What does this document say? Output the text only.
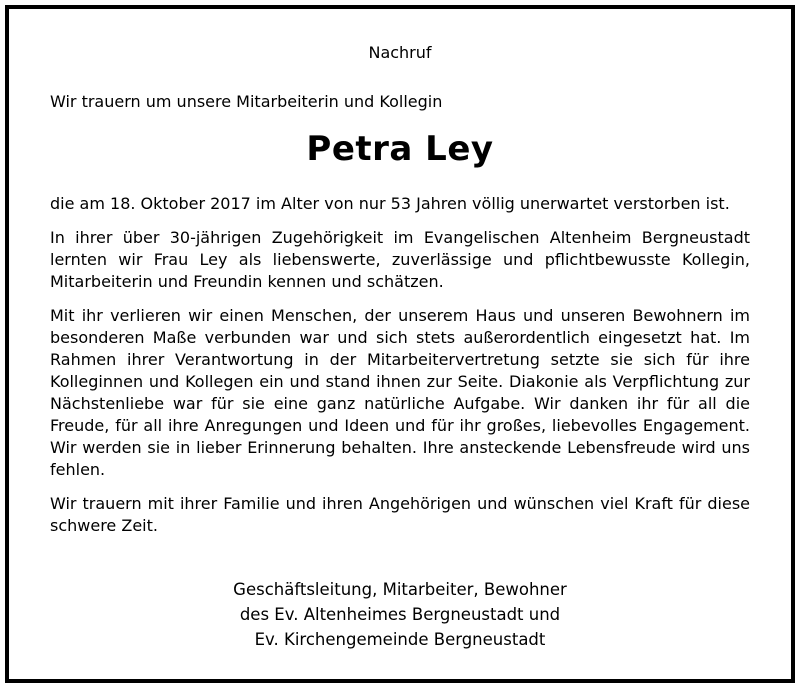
Nachruf
Wir trauern um unsere Mitarbeiterin und Kollegin
Petra Ley

die am 18. Oktober 2017 im Alter von nur 53 Jahren völlig unerwartet verstorben ist.

In ihrer über 30-jährigen Zugehörigkeit im Evangelischen Altenheim Bergneustadt lernten wir Frau Ley als liebenswerte, zuverlässige und pflichtbewusste Kollegin, Mitarbeiterin und Freundin kennen und schätzen.

Mit ihr verlieren wir einen Menschen, der unserem Haus und unseren Bewohnern im besonderen Maße verbunden war und sich stets außerordentlich eingesetzt hat. Im Rahmen ihrer Verantwortung in der Mitarbeitervertretung setzte sie sich für ihre Kolleginnen und Kollegen ein und stand ihnen zur Seite. Diakonie als Verpflichtung zur Nächstenliebe war für sie eine ganz natürliche Aufgabe. Wir danken ihr für all die Freude, für all ihre Anregungen und Ideen und für ihr großes, liebevolles Engagement. Wir werden sie in lieber Erinnerung behalten. Ihre ansteckende Lebensfreude wird uns fehlen.

Wir trauern mit ihrer Familie und ihren Angehörigen und wünschen viel Kraft für diese schwere Zeit.

Geschäftsleitung, Mitarbeiter, Bewohner
des Ev. Altenheimes Bergneustadt und
Ev. Kirchengemeinde Bergneustadt
